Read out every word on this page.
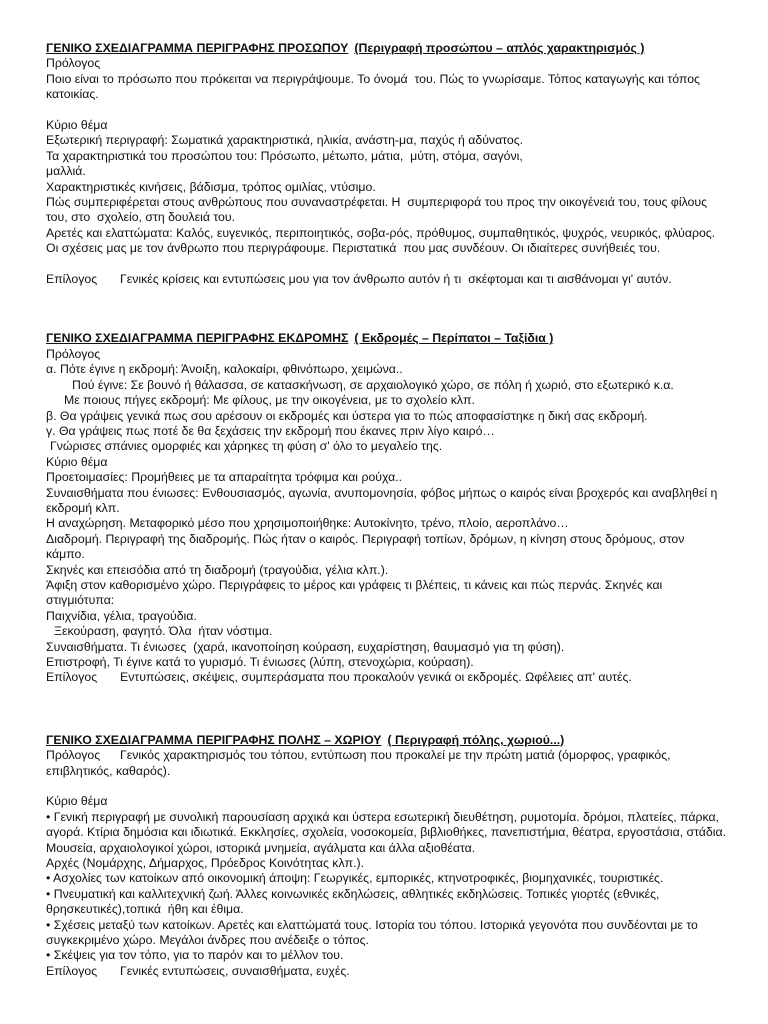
ΓΕΝΙΚΟ ΣΧΕΔΙΑΓΡΑΜΜΑ ΠΕΡΙΓΡΑΦΗΣ ΠΡΟΣΩΠΟΥ (Περιγραφή προσώπου – απλός χαρακτηρισμός )
Πρόλογος
Ποιο είναι το πρόσωπο που πρόκειται να περιγράψουμε. Το όνομά  του. Πώς το γνωρίσαμε. Τόπος καταγωγής και τόπος κατοικίας.
Κύριο θέμα
Εξωτερική περιγραφή: Σωματικά χαρακτηριστικά, ηλικία, ανάστη-μα, παχύς ή αδύνατος.
Τα χαρακτηριστικά του προσώπου του: Πρόσωπο, μέτωπο, μάτια,  μύτη, στόμα, σαγόνι,
μαλλιά.
Χαρακτηριστικές κινήσεις, βάδισμα, τρόπος ομιλίας, ντύσιμο.
Πώς συμπεριφέρεται στους ανθρώπους που συναναστρέφεται. Η  συμπεριφορά του προς την οικογένειά του, τους φίλους του, στο  σχολείο, στη δουλειά του.
Αρετές και ελαττώματα: Καλός, ευγενικός, περιποιητικός, σοβα-ρός, πρόθυμος, συμπαθητικός, ψυχρός, νευρικός, φλύαρος.
Οι σχέσεις μας με τον άνθρωπο που περιγράφουμε. Περιστατικά  που μας συνδέουν. Οι ιδιαίτερες συνήθειές του.
Επίλογος Γενικές κρίσεις και εντυπώσεις μου για τον άνθρωπο αυτόν ή τι  σκέφτομαι και τι αισθάνομαι γι' αυτόν.
ΓΕΝΙΚΟ ΣΧΕΔΙΑΓΡΑΜΜΑ ΠΕΡΙΓΡΑΦΗΣ ΕΚΔΡΟΜΗΣ ( Εκδρομές – Περίπατοι – Ταξίδια )
Πρόλογος
α. Πότε έγινε η εκδρομή: Άνοιξη, καλοκαίρι, φθινόπωρο, χειμώνα..
Πού έγινε: Σε βουνό ή θάλασσα, σε κατασκήνωση, σε αρχαιολογικό χώρο, σε πόλη ή χωριό, στο εξωτερικό κ.α.
Με ποιους πήγες εκδρομή: Με φίλους, με την οικογένεια, με το σχολείο κλπ.
β. Θα γράψεις γενικά πως σου αρέσουν οι εκδρομές και ύστερα για το πώς αποφασίστηκε η δική σας εκδρομή.
γ. Θα γράψεις πως ποτέ δε θα ξεχάσεις την εκδρομή που έκανες πριν λίγο καιρό…
Γνώρισες σπάνιες ομορφιές και χάρηκες τη φύση σ' όλο το μεγαλείο της.
Κύριο θέμα
Προετοιμασίες: Προμήθειες με τα απαραίτητα τρόφιμα και ρούχα..
Συναισθήματα που ένιωσες: Ενθουσιασμός, αγωνία, ανυπομονησία, φόβος μήπως ο καιρός είναι βροχερός και αναβληθεί η εκδρομή κλπ.
Η αναχώρηση. Μεταφορικό μέσο που χρησιμοποιήθηκε: Αυτοκίνητο, τρένο, πλοίο, αεροπλάνο…
Διαδρομή. Περιγραφή της διαδρομής. Πώς ήταν ο καιρός. Περιγραφή τοπίων, δρόμων, η κίνηση στους δρόμους, στον κάμπο.
Σκηνές και επεισόδια από τη διαδρομή (τραγούδια, γέλια κλπ.).
Άφιξη στον καθορισμένο χώρο. Περιγράφεις το μέρος και γράφεις τι βλέπεις, τι κάνεις και πώς περνάς. Σκηνές και στιγμιότυπα:
Παιχνίδια, γέλια, τραγούδια.
Ξεκούραση, φαγητό. Όλα  ήταν νόστιμα.
Συναισθήματα. Τι ένιωσες  (χαρά, ικανοποίηση κούραση, ευχαρίστηση, θαυμασμό για τη φύση).
Επιστροφή, Τι έγινε κατά το γυρισμό. Τι ένιωσες (λύπη, στενοχώρια, κούραση).
Επίλογος Εντυπώσεις, σκέψεις, συμπεράσματα που προκαλούν γενικά οι εκδρομές. Ωφέλειες απ' αυτές.
ΓΕΝΙΚΟ ΣΧΕΔΙΑΓΡΑΜΜΑ ΠΕΡΙΓΡΑΦΗΣ ΠΟΛΗΣ – ΧΩΡΙΟΥ ( Περιγραφή πόλης, χωριού...)
Πρόλογος Γενικός χαρακτηρισμός του τόπου, εντύπωση που προκαλεί με την πρώτη ματιά (όμορφος, γραφικός, επιβλητικός, καθαρός).
Κύριο θέμα
• Γενική περιγραφή με συνολική παρουσίαση αρχικά και ύστερα εσωτερική διευθέτηση, ρυμοτομία. δρόμοι, πλατείες, πάρκα, αγορά. Κτίρια δημόσια και ιδιωτικά. Εκκλησίες, σχολεία, νοσοκομεία, βιβλιοθήκες, πανεπιστήμια, θέατρα, εργοστάσια, στάδια. Μουσεία, αρχαιολογικοί χώροι, ιστορικά μνημεία, αγάλματα και άλλα αξιοθέατα.
Αρχές (Νομάρχης, Δήμαρχος, Πρόεδρος Κοινότητας κλπ.).
• Ασχολίες των κατοίκων από οικονομική άποψη: Γεωργικές, εμπορικές, κτηνοτροφικές, βιομηχανικές, τουριστικές.
• Πνευματική και καλλιτεχνική ζωή. Άλλες κοινωνικές εκδηλώσεις, αθλητικές εκδηλώσεις. Τοπικές γιορτές (εθνικές, θρησκευτικές),τοπικά  ήθη και έθιμα.
• Σχέσεις μεταξύ των κατοίκων. Αρετές και ελαττώματά τους. Ιστορία του τόπου. Ιστορικά γεγονότα που συνδέονται με το συγκεκριμένο χώρο. Μεγάλοι άνδρες που ανέδειξε ο τόπος.
• Σκέψεις για τον τόπο, για το παρόν και το μέλλον του.
Επίλογος Γενικές εντυπώσεις, συναισθήματα, ευχές.
